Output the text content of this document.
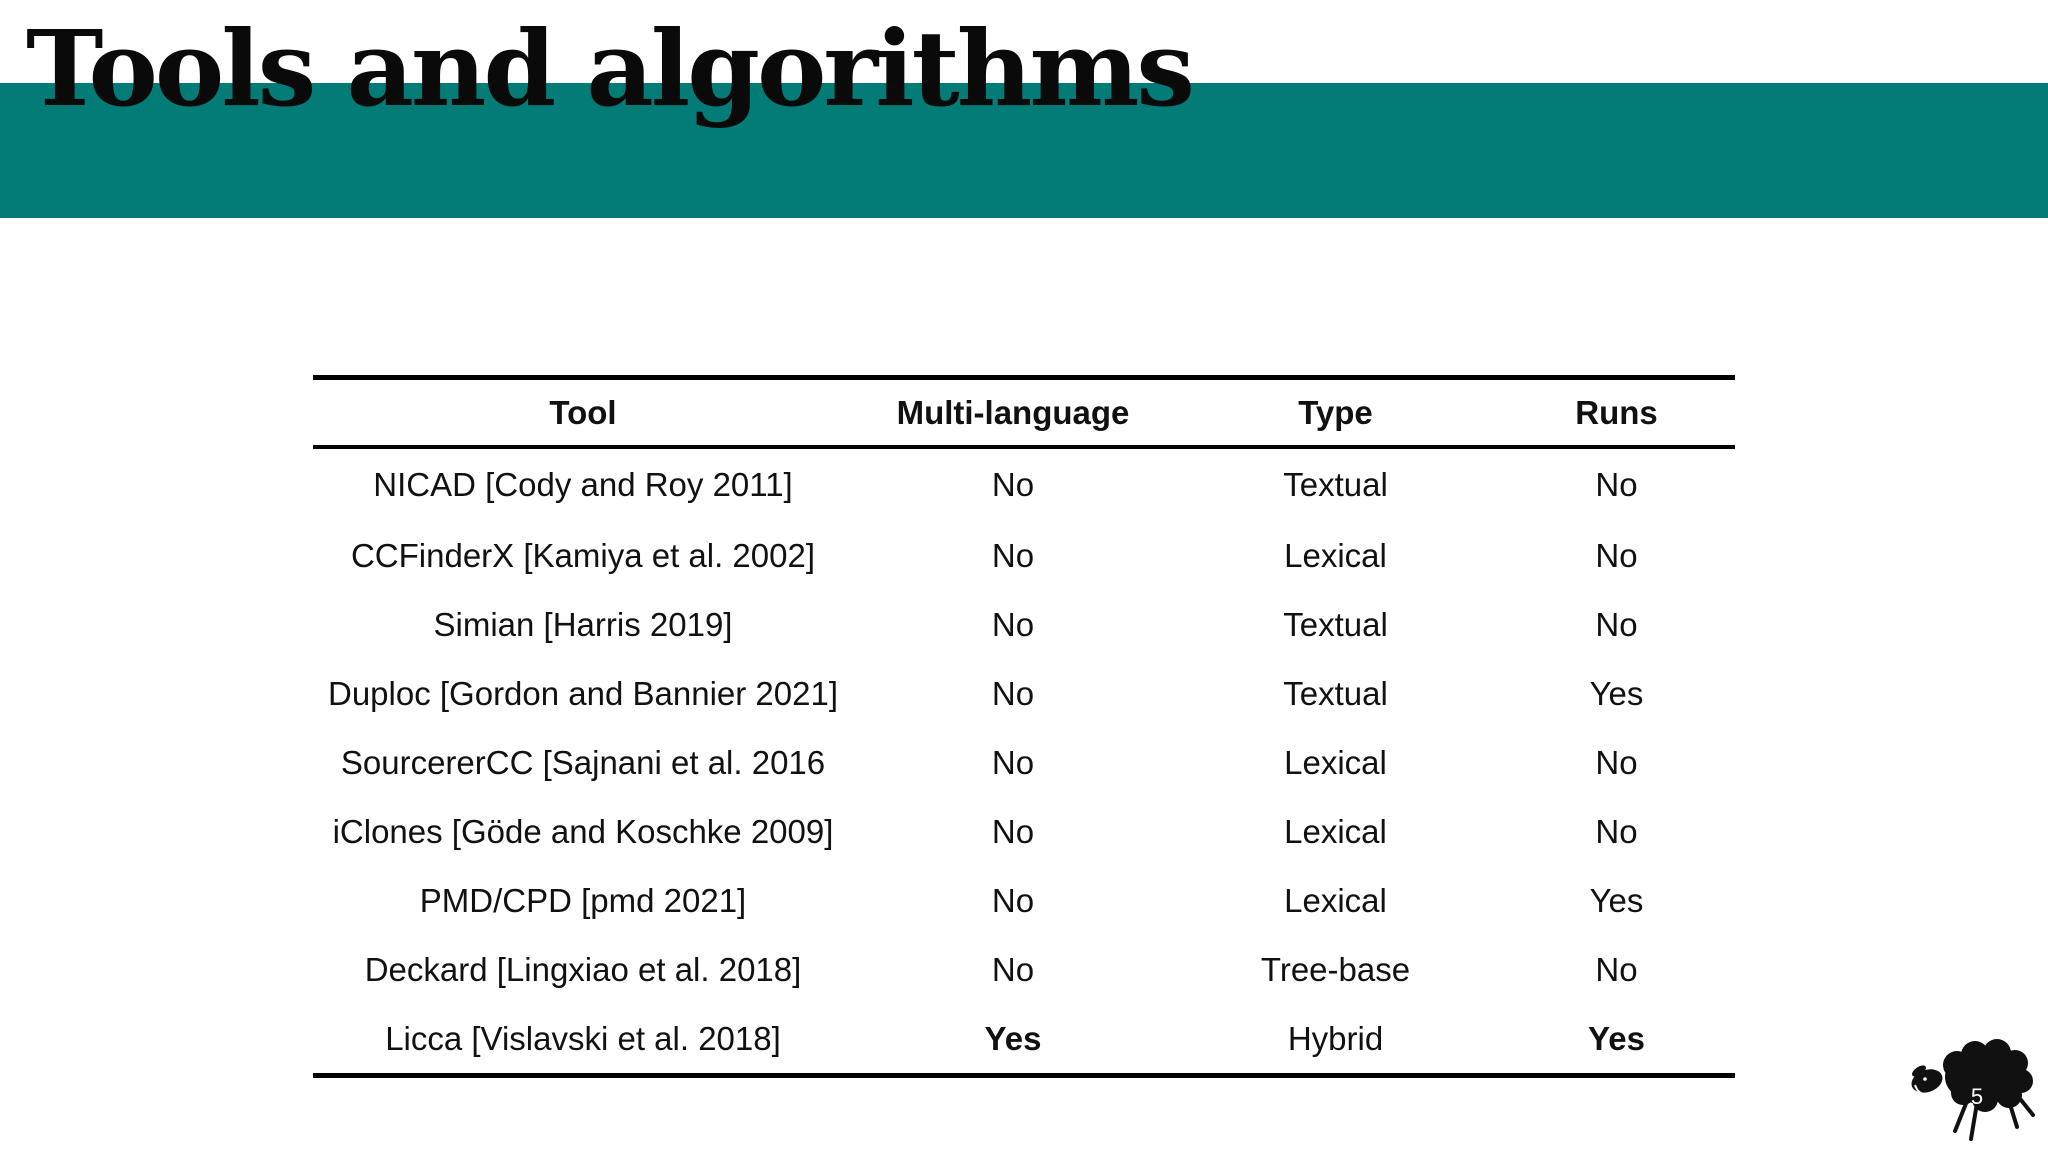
Tools and algorithms
Tool	Multi-language	Type	Runs
NICAD [Cody and Roy 2011]	No	Textual	No
CCFinderX [Kamiya et al. 2002]	No	Lexical	No
Simian [Harris 2019]	No	Textual	No
Duploc [Gordon and Bannier 2021]	No	Textual	Yes
SourcererCC [Sajnani et al. 2016	No	Lexical	No
iClones [Göde and Koschke 2009]	No	Lexical	No
PMD/CPD [pmd 2021]	No	Lexical	Yes
Deckard [Lingxiao et al. 2018]	No	Tree-base	No
Licca [Vislavski et al. 2018]	Yes	Hybrid	Yes
5
